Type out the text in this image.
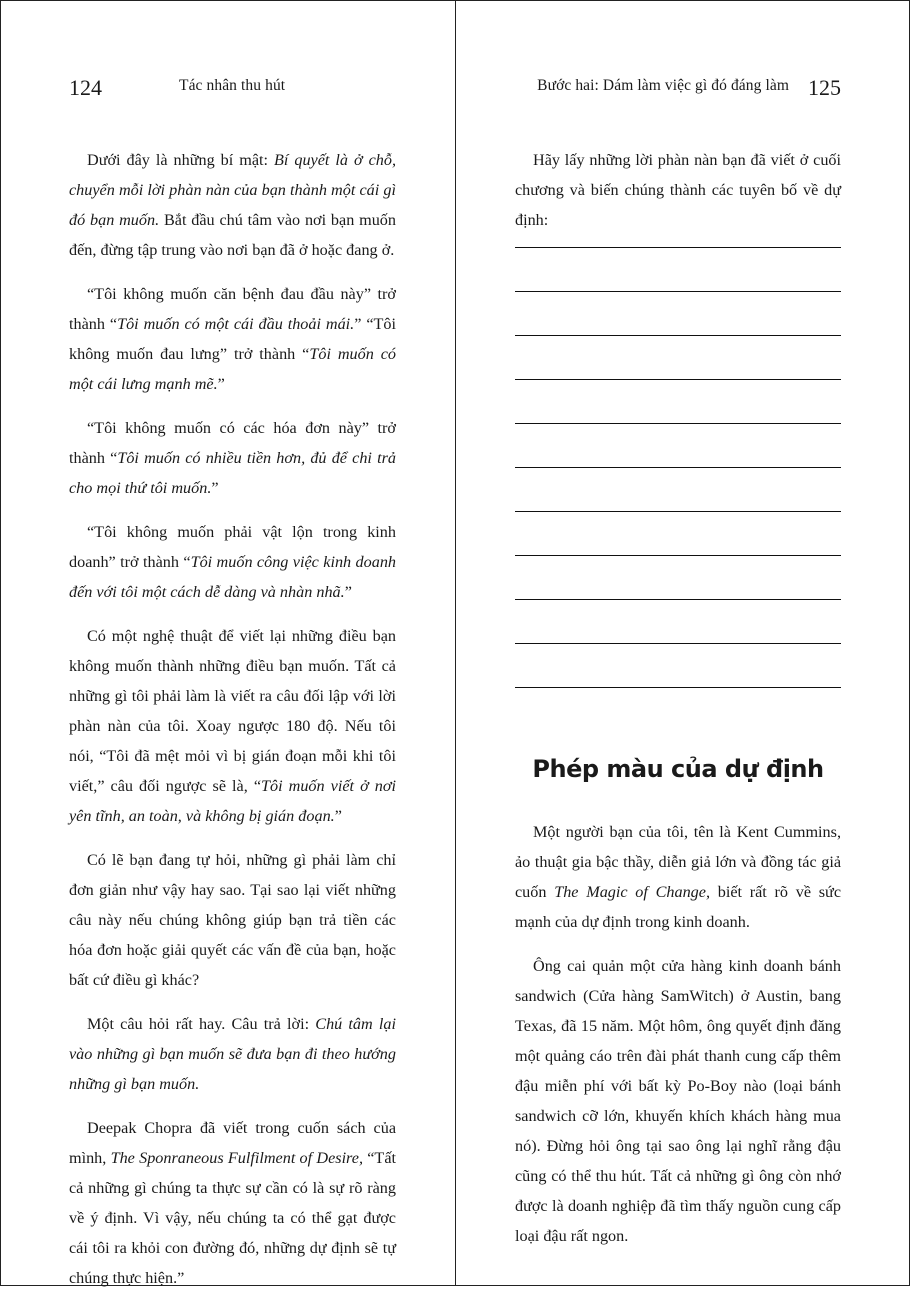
124	Tác nhân thu hút

Dưới đây là những bí mật: Bí quyết là ở chỗ, chuyển mỗi lời phàn nàn của bạn thành một cái gì đó bạn muốn. Bắt đầu chú tâm vào nơi bạn muốn đến, đừng tập trung vào nơi bạn đã ở hoặc đang ở.

“Tôi không muốn căn bệnh đau đầu này” trở thành “Tôi muốn có một cái đầu thoải mái.” “Tôi không muốn đau lưng” trở thành “Tôi muốn có một cái lưng mạnh mẽ.”

“Tôi không muốn có các hóa đơn này” trở thành “Tôi muốn có nhiều tiền hơn, đủ để chi trả cho mọi thứ tôi muốn.”

“Tôi không muốn phải vật lộn trong kinh doanh” trở thành “Tôi muốn công việc kinh doanh đến với tôi một cách dễ dàng và nhàn nhã.”

Có một nghệ thuật để viết lại những điều bạn không muốn thành những điều bạn muốn. Tất cả những gì tôi phải làm là viết ra câu đối lập với lời phàn nàn của tôi. Xoay ngược 180 độ. Nếu tôi nói, “Tôi đã mệt mỏi vì bị gián đoạn mỗi khi tôi viết,” câu đối ngược sẽ là, “Tôi muốn viết ở nơi yên tĩnh, an toàn, và không bị gián đoạn.”

Có lẽ bạn đang tự hỏi, những gì phải làm chỉ đơn giản như vậy hay sao. Tại sao lại viết những câu này nếu chúng không giúp bạn trả tiền các hóa đơn hoặc giải quyết các vấn đề của bạn, hoặc bất cứ điều gì khác?

Một câu hỏi rất hay. Câu trả lời: Chú tâm lại vào những gì bạn muốn sẽ đưa bạn đi theo hướng những gì bạn muốn.

Deepak Chopra đã viết trong cuốn sách của mình, The Sponraneous Fulfilment of Desire, “Tất cả những gì chúng ta thực sự cần có là sự rõ ràng về ý định. Vì vậy, nếu chúng ta có thể gạt được cái tôi ra khỏi con đường đó, những dự định sẽ tự chúng thực hiện.”

Bước hai: Dám làm việc gì đó đáng làm 125

Hãy lấy những lời phàn nàn bạn đã viết ở cuối chương và biến chúng thành các tuyên bố về dự định:

Phép màu của dự định

Một người bạn của tôi, tên là Kent Cummins, ảo thuật gia bậc thầy, diễn giả lớn và đồng tác giả cuốn The Magic of Change, biết rất rõ về sức mạnh của dự định trong kinh doanh.

Ông cai quản một cửa hàng kinh doanh bánh sandwich (Cửa hàng SamWitch) ở Austin, bang Texas, đã 15 năm. Một hôm, ông quyết định đăng một quảng cáo trên đài phát thanh cung cấp thêm đậu miễn phí với bất kỳ Po-Boy nào (loại bánh sandwich cỡ lớn, khuyến khích khách hàng mua nó). Đừng hỏi ông tại sao ông lại nghĩ rằng đậu cũng có thể thu hút. Tất cả những gì ông còn nhớ được là doanh nghiệp đã tìm thấy nguồn cung cấp loại đậu rất ngon.
